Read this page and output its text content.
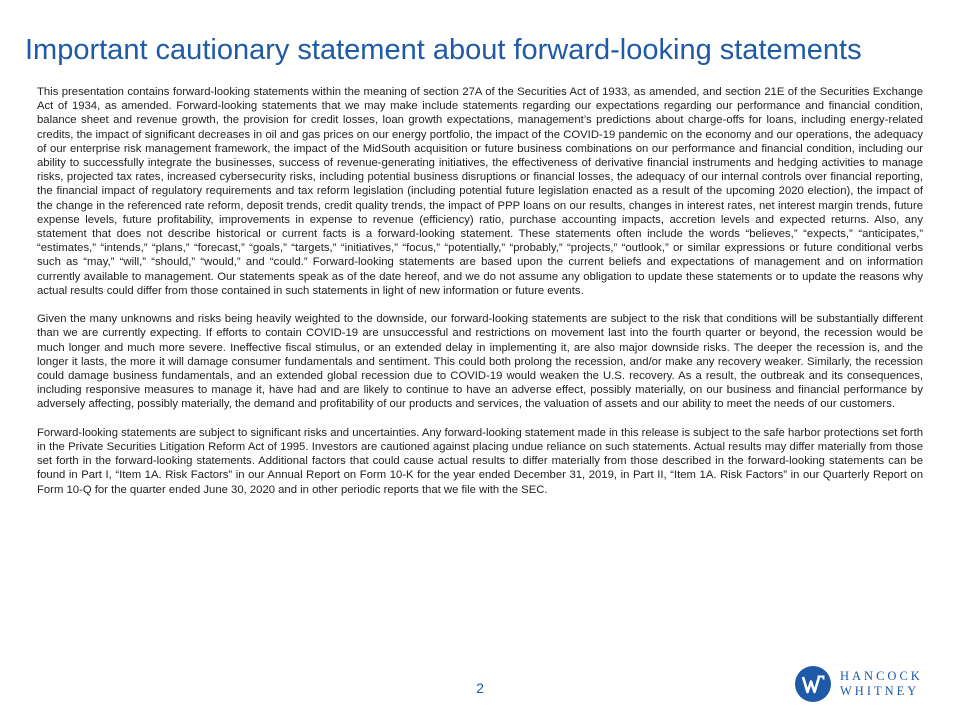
Important cautionary statement about forward-looking statements

This presentation contains forward-looking statements within the meaning of section 27A of the Securities Act of 1933, as amended, and section 21E of the Securities Exchange Act of 1934, as amended. Forward-looking statements that we may make include statements regarding our expectations regarding our performance and financial condition, balance sheet and revenue growth, the provision for credit losses, loan growth expectations, management’s predictions about charge-offs for loans, including energy-related credits, the impact of significant decreases in oil and gas prices on our energy portfolio, the impact of the COVID-19 pandemic on the economy and our operations, the adequacy of our enterprise risk management framework, the impact of the MidSouth acquisition or future business combinations on our performance and financial condition, including our ability to successfully integrate the businesses, success of revenue-generating initiatives, the effectiveness of derivative financial instruments and hedging activities to manage risks, projected tax rates, increased cybersecurity risks, including potential business disruptions or financial losses, the adequacy of our internal controls over financial reporting, the financial impact of regulatory requirements and tax reform legislation (including potential future legislation enacted as a result of the upcoming 2020 election), the impact of the change in the referenced rate reform, deposit trends, credit quality trends, the impact of PPP loans on our results, changes in interest rates, net interest margin trends, future expense levels, future profitability, improvements in expense to revenue (efficiency) ratio, purchase accounting impacts, accretion levels and expected returns. Also, any statement that does not describe historical or current facts is a forward-looking statement. These statements often include the words “believes,” “expects,” “anticipates,” “estimates,” “intends,” “plans,” “forecast,” “goals,” “targets,” “initiatives,” “focus,” “potentially,” “probably,” “projects,” “outlook,” or similar expressions or future conditional verbs such as “may,” “will,” “should,” “would,” and “could.” Forward-looking statements are based upon the current beliefs and expectations of management and on information currently available to management. Our statements speak as of the date hereof, and we do not assume any obligation to update these statements or to update the reasons why actual results could differ from those contained in such statements in light of new information or future events.

Given the many unknowns and risks being heavily weighted to the downside, our forward-looking statements are subject to the risk that conditions will be substantially different than we are currently expecting. If efforts to contain COVID-19 are unsuccessful and restrictions on movement last into the fourth quarter or beyond, the recession would be much longer and much more severe. Ineffective fiscal stimulus, or an extended delay in implementing it, are also major downside risks. The deeper the recession is, and the longer it lasts, the more it will damage consumer fundamentals and sentiment. This could both prolong the recession, and/or make any recovery weaker. Similarly, the recession could damage business fundamentals, and an extended global recession due to COVID-19 would weaken the U.S. recovery. As a result, the outbreak and its consequences, including responsive measures to manage it, have had and are likely to continue to have an adverse effect, possibly materially, on our business and financial performance by adversely affecting, possibly materially, the demand and profitability of our products and services, the valuation of assets and our ability to meet the needs of our customers.

Forward-looking statements are subject to significant risks and uncertainties. Any forward-looking statement made in this release is subject to the safe harbor protections set forth in the Private Securities Litigation Reform Act of 1995. Investors are cautioned against placing undue reliance on such statements. Actual results may differ materially from those set forth in the forward-looking statements. Additional factors that could cause actual results to differ materially from those described in the forward-looking statements can be found in Part I, “Item 1A. Risk Factors” in our Annual Report on Form 10-K for the year ended December 31, 2019, in Part II, “Item 1A. Risk Factors” in our Quarterly Report on Form 10-Q for the quarter ended June 30, 2020 and in other periodic reports that we file with the SEC.

2
HANCOCK
WHITNEY
